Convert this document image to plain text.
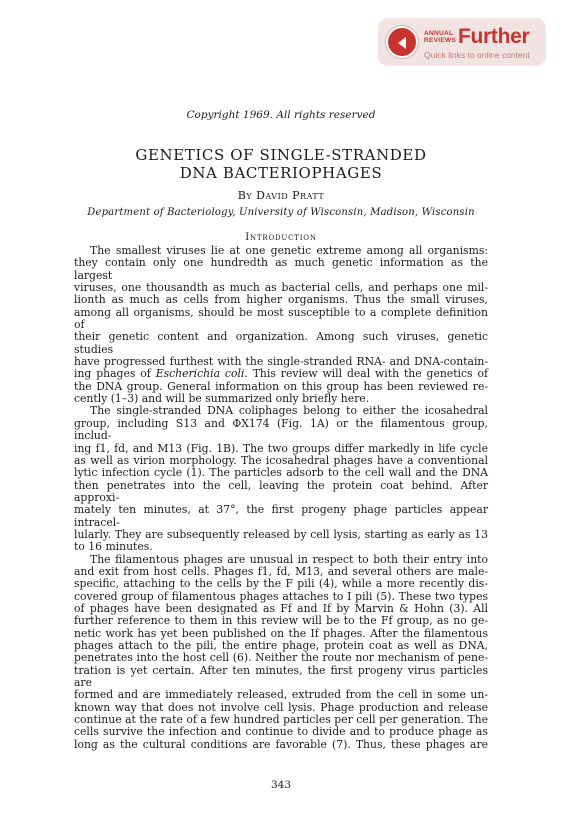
ANNUAL
REVIEWS Further
Quick links to online content
Copyright 1969. All rights reserved
GENETICS OF SINGLE-STRANDED
DNA BACTERIOPHAGES
By David Pratt
Department of Bacteriology, University of Wisconsin, Madison, Wisconsin
Introduction

The smallest viruses lie at one genetic extreme among all organisms:
they contain only one hundredth as much genetic information as the largest
viruses, one thousandth as much as bacterial cells, and perhaps one mil-
lionth as much as cells from higher organisms. Thus the small viruses,
among all organisms, should be most susceptible to a complete definition of
their genetic content and organization. Among such viruses, genetic studies
have progressed furthest with the single-stranded RNA- and DNA-contain-
ing phages of Escherichia coli. This review will deal with the genetics of
the DNA group. General information on this group has been reviewed re-
cently (1–3) and will be summarized only briefly here.

The single-stranded DNA coliphages belong to either the icosahedral
group, including S13 and ΦX174 (Fig. 1A) or the filamentous group, includ-
ing f1, fd, and M13 (Fig. 1B). The two groups differ markedly in life cycle
as well as virion morphology. The icosahedral phages have a conventional
lytic infection cycle (1). The particles adsorb to the cell wall and the DNA
then penetrates into the cell, leaving the protein coat behind. After approxi-
mately ten minutes, at 37°, the first progeny phage particles appear intracel-
lularly. They are subsequently released by cell lysis, starting as early as 13
to 16 minutes.

The filamentous phages are unusual in respect to both their entry into
and exit from host cells. Phages f1, fd, M13, and several others are male-
specific, attaching to the cells by the F pili (4), while a more recently dis-
covered group of filamentous phages attaches to I pili (5). These two types
of phages have been designated as Ff and If by Marvin & Hohn (3). All
further reference to them in this review will be to the Ff group, as no ge-
netic work has yet been published on the If phages. After the filamentous
phages attach to the pili, the entire phage, protein coat as well as DNA,
penetrates into the host cell (6). Neither the route nor mechanism of pene-
tration is yet certain. After ten minutes, the first progeny virus particles are
formed and are immediately released, extruded from the cell in some un-
known way that does not involve cell lysis. Phage production and release
continue at the rate of a few hundred particles per cell per generation. The
cells survive the infection and continue to divide and to produce phage as
long as the cultural conditions are favorable (7). Thus, these phages are

343
